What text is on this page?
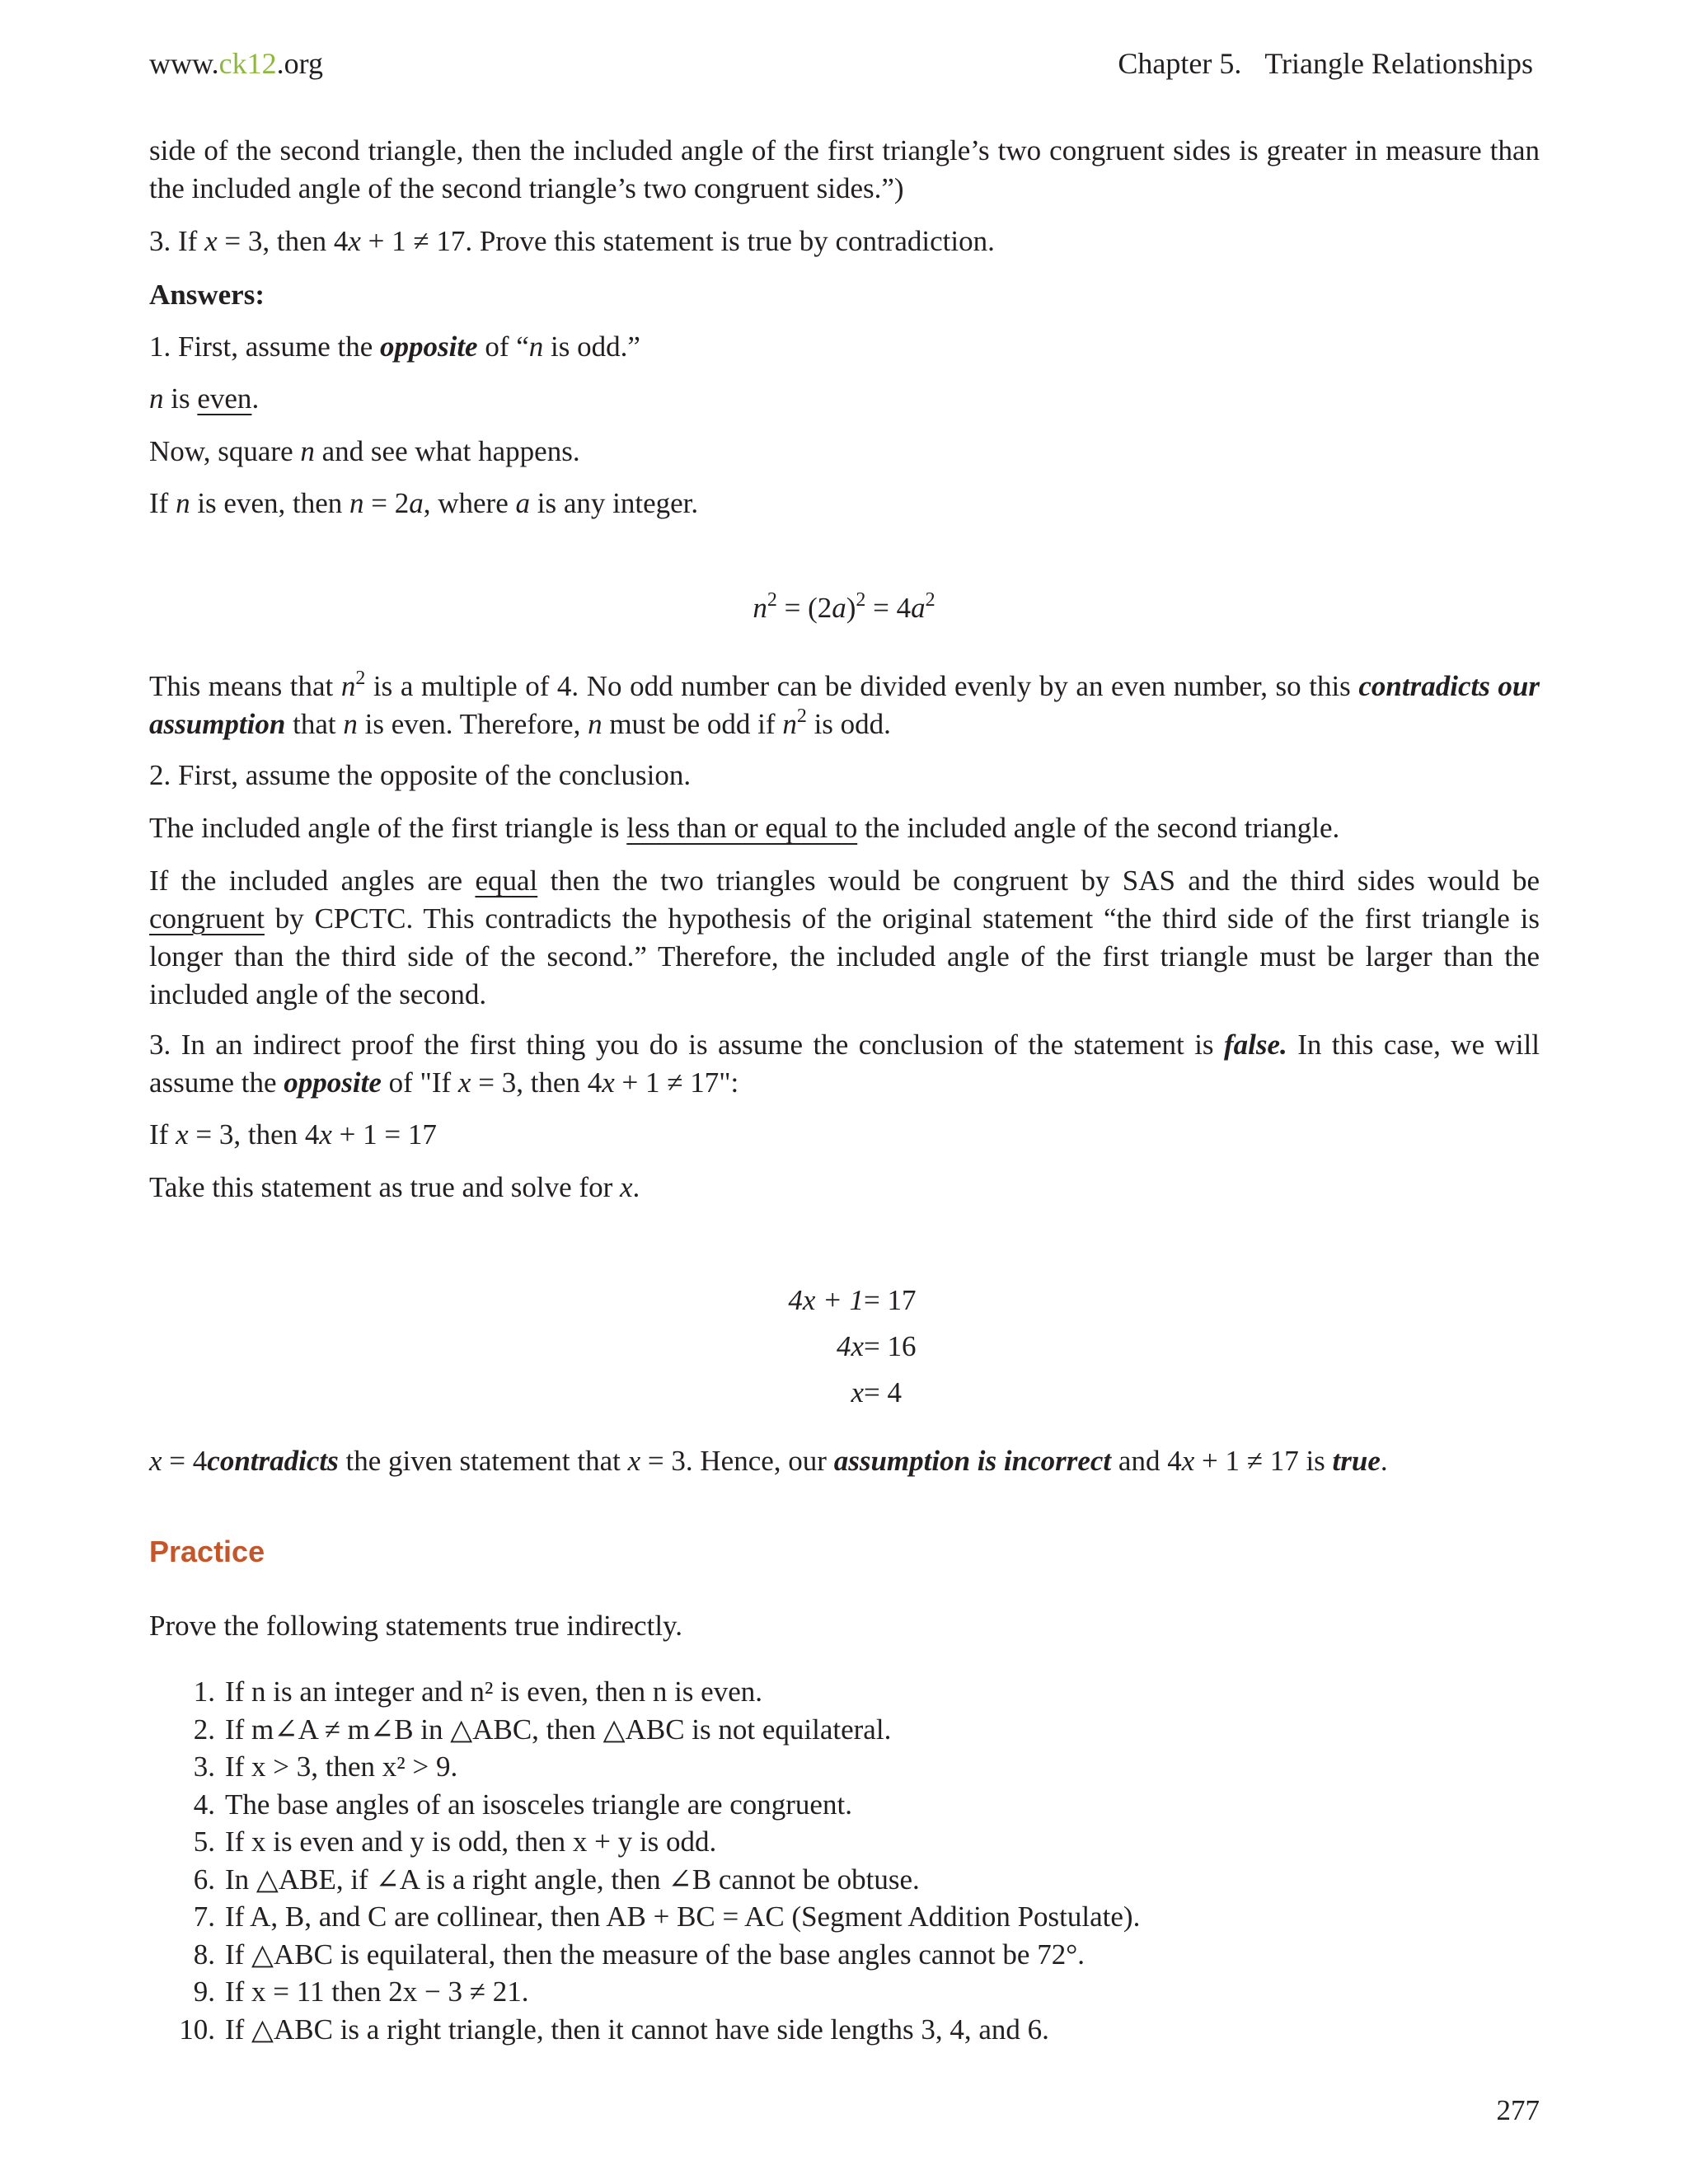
www.ck12.org	Chapter 5. Triangle Relationships
side of the second triangle, then the included angle of the first triangle’s two congruent sides is greater in measure than the included angle of the second triangle’s two congruent sides.”)
3. If x = 3, then 4x + 1 ≠ 17. Prove this statement is true by contradiction.
Answers:
1. First, assume the opposite of “n is odd.”
n is even.
Now, square n and see what happens.
If n is even, then n = 2a, where a is any integer.
$n^2 = (2a)^2 = 4a^2$
This means that $n^2$ is a multiple of 4. No odd number can be divided evenly by an even number, so this contradicts our assumption that n is even. Therefore, n must be odd if $n^2$ is odd.
2. First, assume the opposite of the conclusion.
The included angle of the first triangle is less than or equal to the included angle of the second triangle.
If the included angles are equal then the two triangles would be congruent by SAS and the third sides would be congruent by CPCTC. This contradicts the hypothesis of the original statement “the third side of the first triangle is longer than the third side of the second.” Therefore, the included angle of the first triangle must be larger than the included angle of the second.
3. In an indirect proof the first thing you do is assume the conclusion of the statement is false. In this case, we will assume the opposite of "If x = 3, then 4x + 1 ≠ 17":
If x = 3, then 4x + 1 = 17
Take this statement as true and solve for x.
4x + 1 = 17
4x = 16
x = 4
x = 4contradicts the given statement that x = 3. Hence, our assumption is incorrect and 4x + 1 ≠ 17 is true.
Practice
Prove the following statements true indirectly.
1. If n is an integer and n² is even, then n is even.
2. If m∠A ≠ m∠B in △ABC, then △ABC is not equilateral.
3. If x > 3, then x² > 9.
4. The base angles of an isosceles triangle are congruent.
5. If x is even and y is odd, then x + y is odd.
6. In △ABE, if ∠A is a right angle, then ∠B cannot be obtuse.
7. If A, B, and C are collinear, then AB + BC = AC (Segment Addition Postulate).
8. If △ABC is equilateral, then the measure of the base angles cannot be 72°.
9. If x = 11 then 2x − 3 ≠ 21.
10. If △ABC is a right triangle, then it cannot have side lengths 3, 4, and 6.
277
